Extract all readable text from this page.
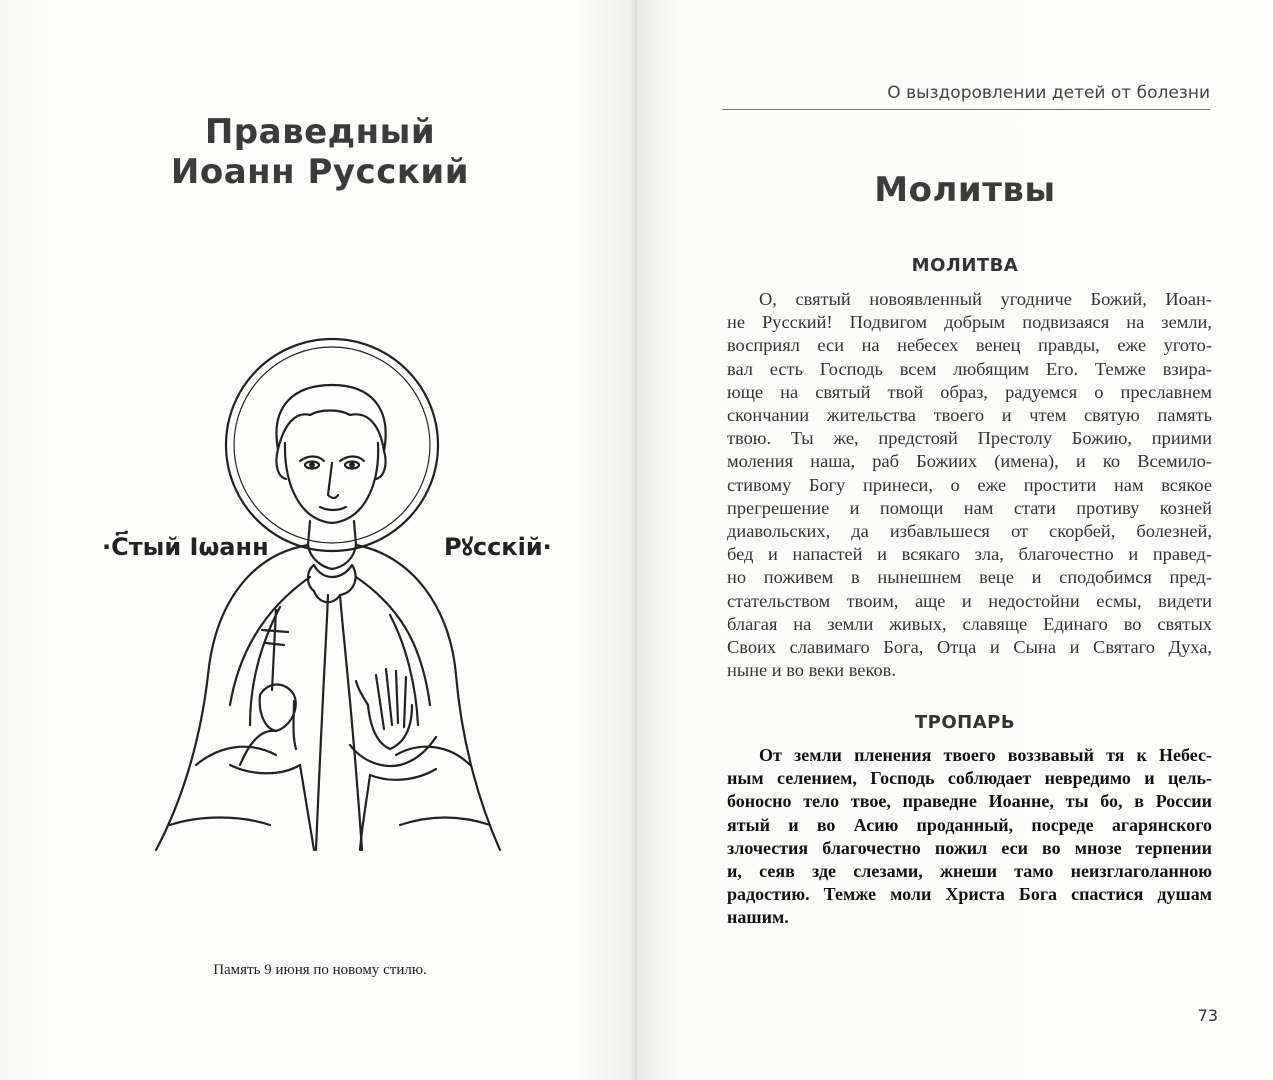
Праведный
Иоанн Русский
·С҃тый Іωанн	Рꙋсскій·
Память 9 июня по новому стилю.
О выздоровлении детей от болезни
Молитвы
МОЛИТВА
О, святый новоявленный угодниче Божий, Иоан-
не Русский! Подвигом добрым подвизаяся на земли,
восприял еси на небесех венец правды, еже угото-
вал есть Господь всем любящим Его. Темже взира-
юще на святый твой образ, радуемся о преславнем
скончании жительства твоего и чтем святую память
твою. Ты же, предстояй Престолу Божию, приими
моления наша, раб Божиих (имена), и ко Всемило-
стивому Богу принеси, о еже простити нам всякое
прегрешение и помощи нам стати противу козней
диавольских, да избавльшеся от скорбей, болезней,
бед и напастей и всякаго зла, благочестно и правед-
но поживем в нынешнем веце и сподобимся пред-
стательством твоим, аще и недостойни есмы, видети
благая на земли живых, славяще Единаго во святых
Своих славимаго Бога, Отца и Сына и Святаго Духа,
ныне и во веки веков.
ТРОПАРЬ
От земли пленения твоего воззвавый тя к Небес-
ным селением, Господь соблюдает невредимо и цель-
боносно тело твое, праведне Иоанне, ты бо, в России
ятый и во Асию проданный, посреде агарянского
злочестия благочестно пожил еси во мнозе терпении
и, сеяв зде слезами, жнеши тамо неизглаголанною
радостию. Темже моли Христа Бога спастися душам
нашим.
73
